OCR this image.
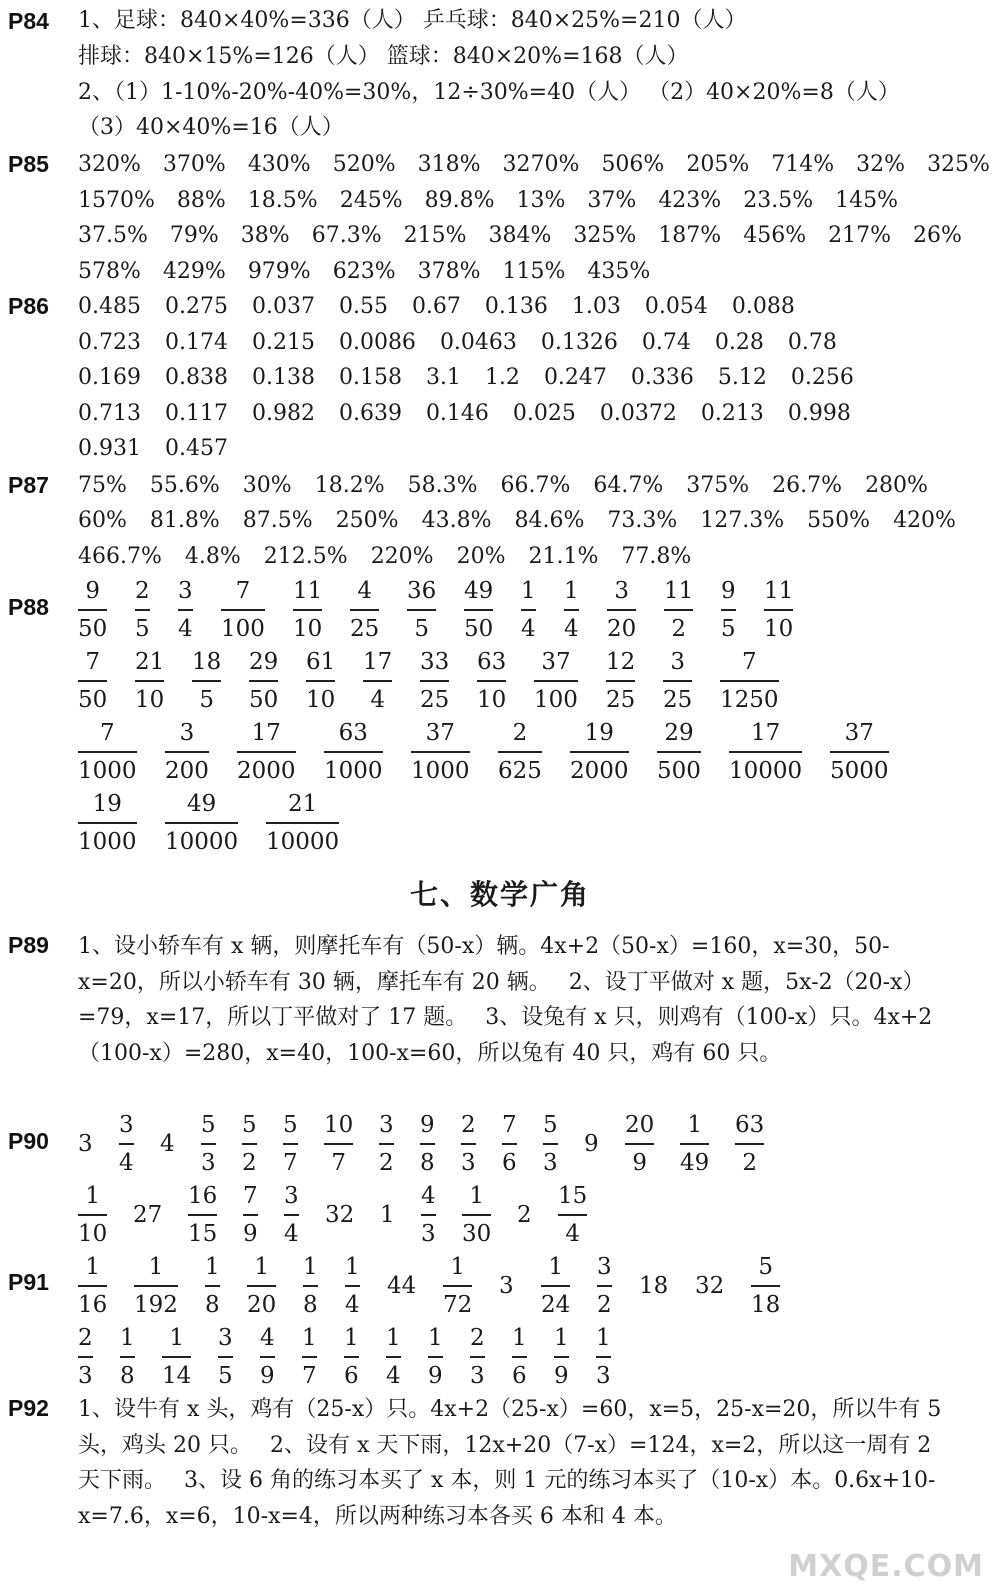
P84 1、足球：840×40%=336（人） 乒乓球：840×25%=210（人）
排球：840×15%=126（人） 篮球：840×20%=168（人）
2、（1）1-10%-20%-40%=30%，12÷30%=40（人） （2）40×20%=8（人）
（3）40×40%=16（人）
P85 320% 370% 430% 520% 318% 3270% 506% 205% 714% 32% 325%
1570% 88% 18.5% 245% 89.8% 13% 37% 423% 23.5% 145%
37.5% 79% 38% 67.3% 215% 384% 325% 187% 456% 217% 26%
578% 429% 979% 623% 378% 115% 435%
P86 0.485 0.275 0.037 0.55 0.67 0.136 1.03 0.054 0.088
0.723 0.174 0.215 0.0086 0.0463 0.1326 0.74 0.28 0.78
0.169 0.838 0.138 0.158 3.1 1.2 0.247 0.336 5.12 0.256
0.713 0.117 0.982 0.639 0.146 0.025 0.0372 0.213 0.998
0.931 0.457
P87 75% 55.6% 30% 18.2% 58.3% 66.7% 64.7% 375% 26.7% 280%
60% 81.8% 87.5% 250% 43.8% 84.6% 73.3% 127.3% 550% 420%
466.7% 4.8% 212.5% 220% 20% 21.1% 77.8%
P88
9
50
2
5
3
4
7
100
11
10
4
25
36
5
49
50
1
4
1
4
3
20
11
2
9
5
11
10
7
50
21
10
18
5
29
50
61
10
17
4
33
25
63
10
37
100
12
25
3
25
7
1250
7
1000
3
200
17
2000
63
1000
37
1000
2
625
19
2000
29
500
17
10000
37
5000
19
1000
49
10000
21
10000
七、数学广角
P89 1、设小轿车有 x 辆，则摩托车有（50-x）辆。4x+2（50-x）=160，x=30，50-x=20，所以小轿车有 30 辆，摩托车有 20 辆。　 2、设丁平做对 x 题，5x-2（20-x）=79，x=17，所以丁平做对了 17 题。　 3、设兔有 x 只，则鸡有（100-x）只。4x+2（100-x）=280，x=40，100-x=60，所以兔有 40 只，鸡有 60 只。
P90 3
3
4
4
5
3
5
2
5
7
10
7
3
2
9
8
2
3
7
6
5
3
9
20
9
1
49
63
2
1
10
27
16
15
7
9
3
4
32 1
4
3
1
30
2
15
4
P91
1
16
1
192
1
8
1
20
1
8
1
4
44
1
72
3
1
24
3
2
18 32
5
18
2
3
1
8
1
14
3
5
4
9
1
7
1
6
1
4
1
9
2
3
1
6
1
9
1
3
P92 1、设牛有 x 头，鸡有（25-x）只。4x+2（25-x）=60，x=5，25-x=20，所以牛有 5 头，鸡头 20 只。　 2、设有 x 天下雨，12x+20（7-x）=124，x=2，所以这一周有 2 天下雨。　 3、设 6 角的练习本买了 x 本，则 1 元的练习本买了（10-x）本。0.6x+10-x=7.6，x=6，10-x=4，所以两种练习本各买 6 本和 4 本。
MXQE.COM
